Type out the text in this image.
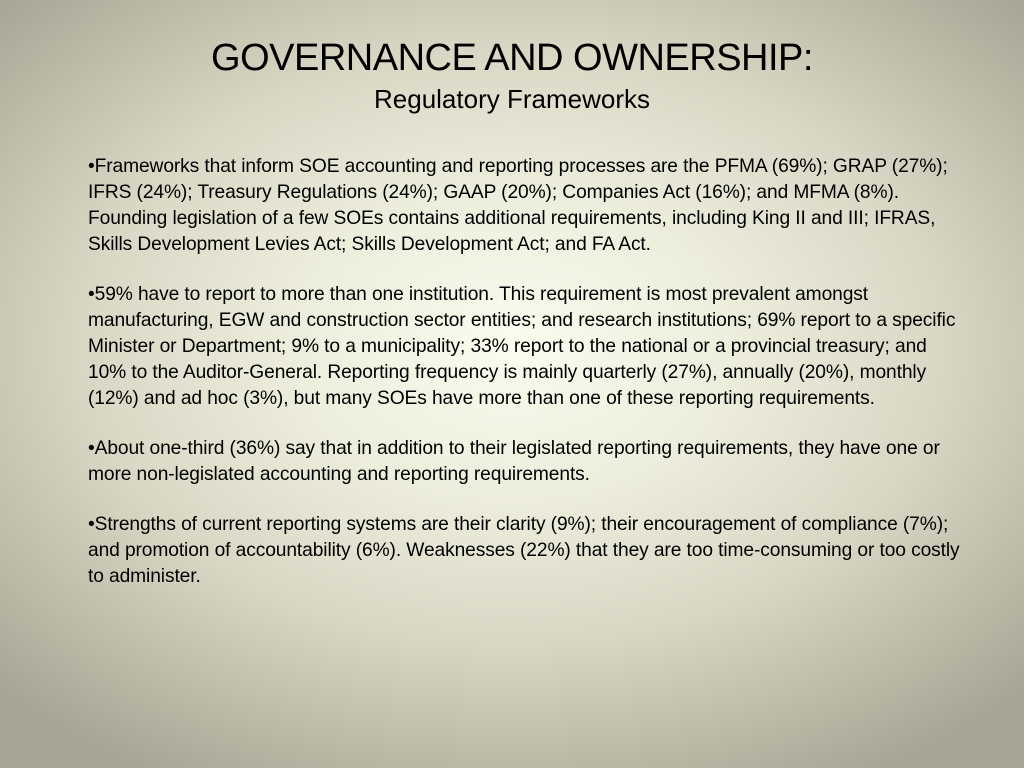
GOVERNANCE AND OWNERSHIP:
Regulatory Frameworks

•Frameworks that inform SOE accounting and reporting processes are the PFMA (69%); GRAP (27%); IFRS (24%); Treasury Regulations (24%); GAAP (20%); Companies Act (16%); and MFMA (8%). Founding legislation of a few SOEs contains additional requirements, including King II and III; IFRAS, Skills Development Levies Act; Skills Development Act; and FA Act.

•59% have to report to more than one institution. This requirement is most prevalent amongst manufacturing, EGW and construction sector entities; and research institutions; 69% report to a specific Minister or Department; 9% to a municipality; 33% report to the national or a provincial treasury; and 10% to the Auditor-General. Reporting frequency is mainly quarterly (27%), annually (20%), monthly (12%) and ad hoc (3%), but many SOEs have more than one of these reporting requirements.

•About one-third (36%) say that in addition to their legislated reporting requirements, they have one or more non-legislated accounting and reporting requirements.

•Strengths of current reporting systems are their clarity (9%); their encouragement of compliance (7%); and promotion of accountability (6%). Weaknesses (22%) that they are too time-consuming or too costly to administer.
